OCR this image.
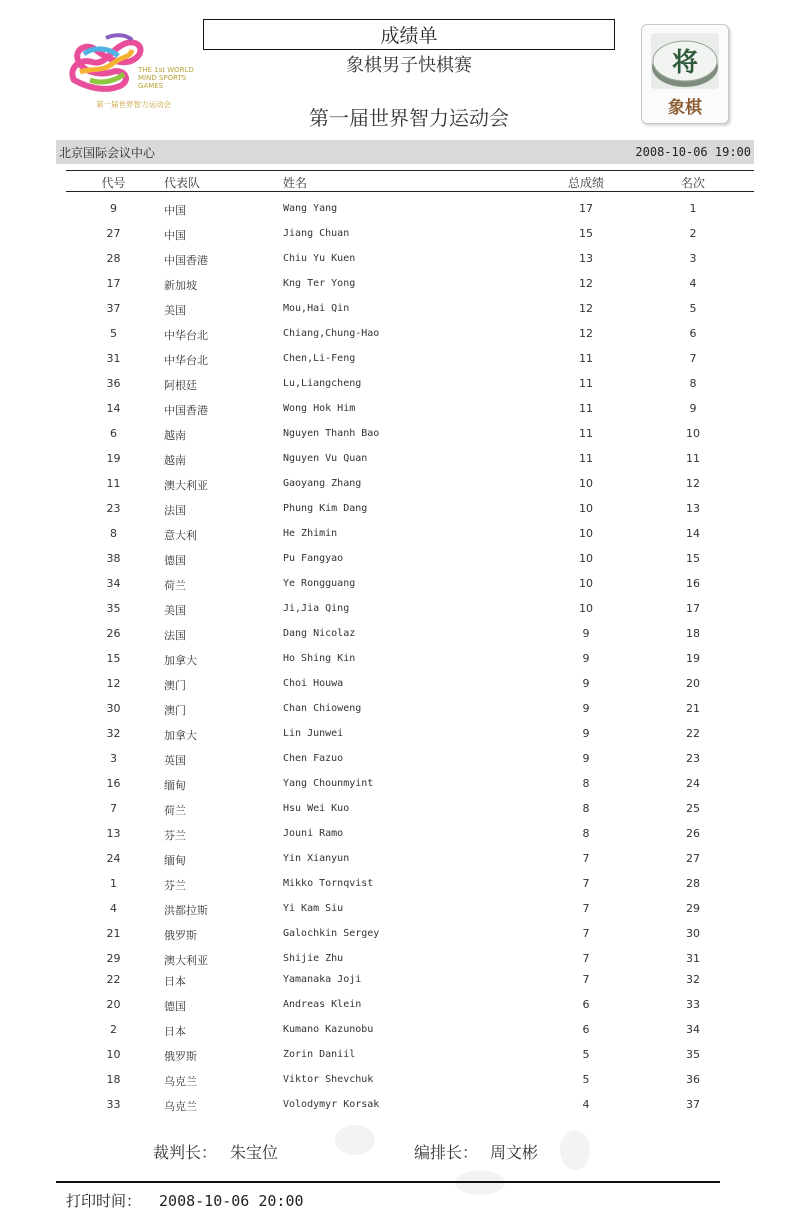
THE 1st WORLD MIND SPORTS GAMES
第一届世界智力运动会
成绩单
象棋男子快棋赛
第一届世界智力运动会
将
象棋
北京国际会议中心	2008-10-06 19:00
代号	代表队	姓名	总成绩	名次
9	中国	Wang Yang	17	1
27	中国	Jiang Chuan	15	2
28	中国香港	Chiu Yu Kuen	13	3
17	新加坡	Kng Ter Yong	12	4
37	美国	Mou,Hai Qin	12	5
5	中华台北	Chiang,Chung-Hao	12	6
31	中华台北	Chen,Li-Feng	11	7
36	阿根廷	Lu,Liangcheng	11	8
14	中国香港	Wong Hok Him	11	9
6	越南	Nguyen Thanh Bao	11	10
19	越南	Nguyen Vu Quan	11	11
11	澳大利亚	Gaoyang Zhang	10	12
23	法国	Phung Kim Dang	10	13
8	意大利	He Zhimin	10	14
38	德国	Pu Fangyao	10	15
34	荷兰	Ye Rongguang	10	16
35	美国	Ji,Jia Qing	10	17
26	法国	Dang Nicolaz	9	18
15	加拿大	Ho Shing Kin	9	19
12	澳门	Choi Houwa	9	20
30	澳门	Chan Chioweng	9	21
32	加拿大	Lin Junwei	9	22
3	英国	Chen Fazuo	9	23
16	缅甸	Yang Chounmyint	8	24
7	荷兰	Hsu Wei Kuo	8	25
13	芬兰	Jouni Ramo	8	26
24	缅甸	Yin Xianyun	7	27
1	芬兰	Mikko Tornqvist	7	28
4	洪都拉斯	Yi Kam Siu	7	29
21	俄罗斯	Galochkin Sergey	7	30
29	澳大利亚	Shijie Zhu	7	31
22	日本	Yamanaka Joji	7	32
20	德国	Andreas Klein	6	33
2	日本	Kumano Kazunobu	6	34
10	俄罗斯	Zorin Daniil	5	35
18	乌克兰	Viktor Shevchuk	5	36
33	乌克兰	Volodymyr Korsak	4	37
裁判长： 朱宝位	编排长： 周文彬
打印时间： 2008-10-06 20:00
